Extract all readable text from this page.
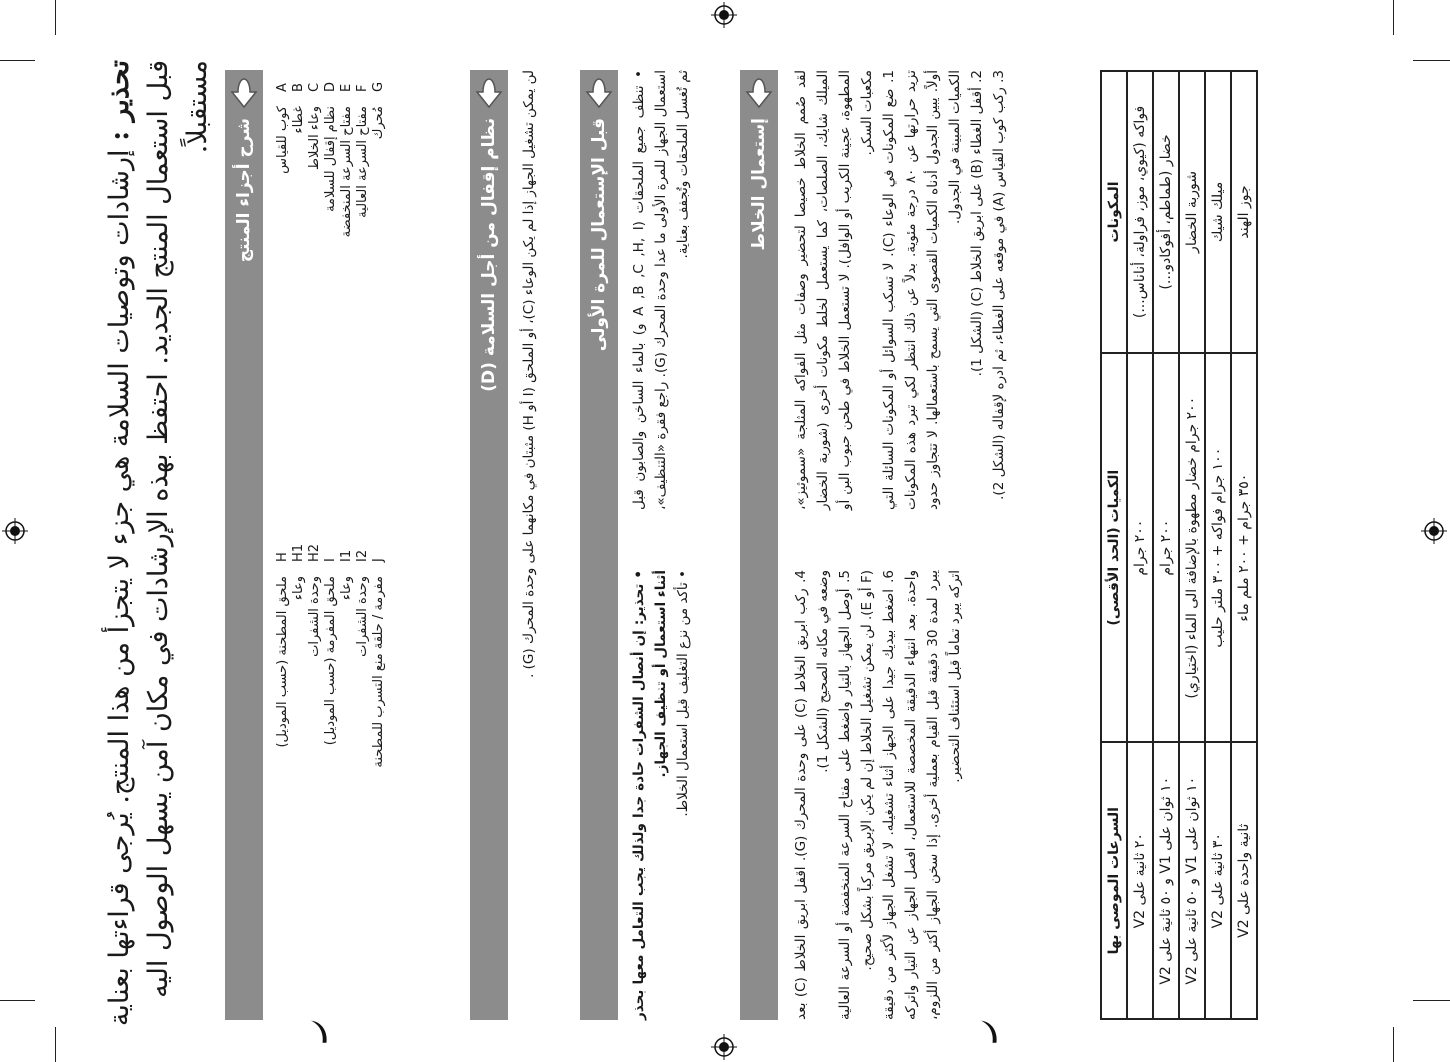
تحذير : إرشادات وتوصيات السلامة هي جزء لا يتجزأ من هذا المنتج. يُرجى قراءتها بعناية قبل استعمال المنتج الجديد. احتفظ بهذه الإرشادات في مكان آمن يسهل الوصول اليه مستقبلاً.
شرح أجزاء المنتج
A
كوب للقياس
B
غطاء
C
وعاء الخلاط
D
نظام إقفال للسلامة
E
مفتاح السرعة المنخفضة
F
مفتاح السرعة العالية
G
مُحرك
H
ملحق المطحنة (حسب الموديل)
H1
وعاء
H2
وحدة الشفرات
I
ملحق المفرمة (حسب الموديل)
I1
وعاء
I2
وحدة الشفرات
J
مفرمة / حلقة منع التسرب للمطحنة
نظام إقفال من أجل السلامة (D)
لن يمكن تشغيل الجهاز إذا لم يكن الوعاء (C)، أو الملحق (I أو H) مثبتان في مكانهما على وحدة المحرك (G) .	قبل الإستعمال للمرة الأولى
• تنظف جميع الملحقات (A ,B ,C ,H, I و) بالماء الساخن والصابون قبل استعمال الجهاز للمرة الأولى ما عدا وحدة المحرك (G). راجع فقرة «التنظيف»، ثم تُغسل الملحقات وتُجفف بعناية.
• تحذير: إن أنصال الشفرات حادة جدا ولذلك يجب التعامل معها بحذر أثناء استعمال أو تنظيف الجهاز. • تأكد من نزع التغليف قبل استعمال الخلاط.
إستعمال الخلاط لقد صُمم الخلاط خصيصا لتحضير وصفات مثل الفواكه المثلجة «سموثيز»، الميلك شايك، الصلصات، كما يستعمل لخلط مكونات أخرى (شوربة الخضار المطهوة، عجينة الكريب أو الوافل). لا تستعمل الخلاط في طحن حبوب البن أو مكعبات السكر.
1. ضع المكونات في الوعاء (C). لا تسكب السوائل أو المكونات السائلة التي تزيد حرارتها عن ٨٠ درجة مئوية. بدلاً عن ذلك انتظر لكي تبرد هذه المكونات أولاً. يبين الجدول أدناه الكميات القصوى التي يسمح باستعمالها. لا تتجاوز حدود الكميات المبينة في الجدول.
2. أقفل الغطاء (B) على ابريق الخلاط (C) (الشكل 1).
3. ركب كوب القياس (A) في موقعه على الغطاء، ثم ادره لإقفاله (الشكل 2).
4. ركب ابريق الخلاط (C) على وحدة المحرك (G). اقفل ابريق الخلاط (C) بعد وضعه في مكانه الصحيح (الشكل 1). 5. أوصل الجهاز بالتيار واضغط على مفتاح السرعة المنخفضة أو السرعة العالية (F أو E). لن يمكن تشغيل الخلاط إن لم يكن الإبريق مركباً بشكل صحيح.
6. اضغط بيديك جيدا على الجهاز أثناء تشغيله. لا تشغل الجهاز لأكثر من دقيقة واحدة. بعد انتهاء الدقيقة المخصصة للاستعمال، افصل الجهاز عن التيار واتركه يبرد لمدة 30 دقيقة قبل القيام بعملية أخرى. إذا سخن الجهاز أكثر من اللزوم، اتركه يبرد تماماً قبل استئناف التحضير.
المكونات	الكميات (الحد الأقصى)	السرعات الموصى بها
فواكه (كيوي، موز، فراولة، أناناس...)	٢٠٠ جرام	٢٠ ثانية على V2
خضار (طماطم، أفوكادو...)	٢٠٠ جرام	١٠ ثوان على V1 و ٥٠ ثانية على V2
شوربة الخضار	٢٠٠ جرام خضار مطهوة بالإضافة الى الماء (اختياري)	١٠ ثوان على V1 و ٥٠ ثانية على V2
ميلك شيك	١٠٠ جرام فواكه + ٣٠٠ ملتر حليب	٣٠ ثانية على V2
جوز الهند	٣٥٠ جرام + ٢٠٠ ملم ماء	ثانية واحدة على V2
